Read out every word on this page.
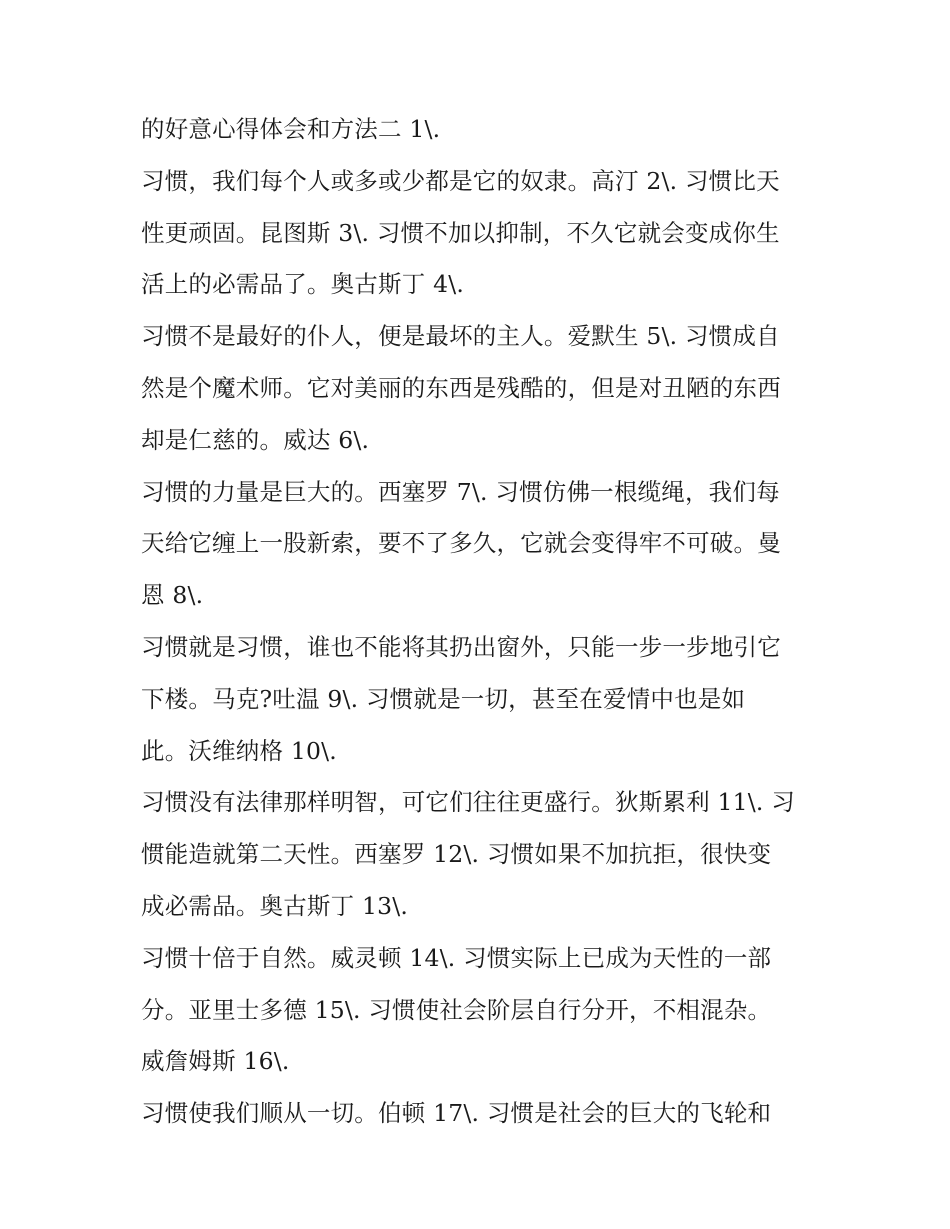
的好意心得体会和方法二 1\.
习惯，我们每个人或多或少都是它的奴隶。高汀 2\. 习惯比天
性更顽固。昆图斯 3\. 习惯不加以抑制，不久它就会变成你生
活上的必需品了。奥古斯丁 4\.
习惯不是最好的仆人，便是最坏的主人。爱默生 5\. 习惯成自
然是个魔术师。它对美丽的东西是残酷的，但是对丑陋的东西
却是仁慈的。威达 6\.
习惯的力量是巨大的。西塞罗 7\. 习惯仿佛一根缆绳，我们每
天给它缠上一股新索，要不了多久，它就会变得牢不可破。曼
恩 8\.
习惯就是习惯，谁也不能将其扔出窗外，只能一步一步地引它
下楼。马克?吐温 9\. 习惯就是一切，甚至在爱情中也是如
此。沃维纳格 10\.
习惯没有法律那样明智，可它们往往更盛行。狄斯累利 11\. 习
惯能造就第二天性。西塞罗 12\. 习惯如果不加抗拒，很快变
成必需品。奥古斯丁 13\.
习惯十倍于自然。威灵顿 14\. 习惯实际上已成为天性的一部
分。亚里士多德 15\. 习惯使社会阶层自行分开，不相混杂。
威詹姆斯 16\.
习惯使我们顺从一切。伯顿 17\. 习惯是社会的巨大的飞轮和
